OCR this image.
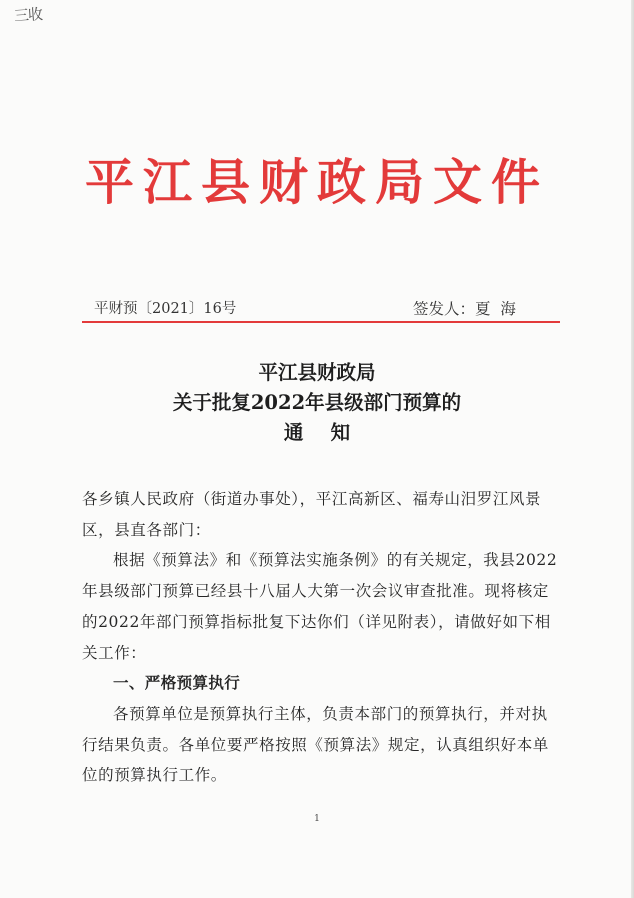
三收
平江县财政局文件
平财预〔2021〕16号	签发人：夏  海
平江县财政局
关于批复2022年县级部门预算的
通    知

各乡镇人民政府（街道办事处），平江高新区、福寿山汨罗江风景区，县直各部门：

根据《预算法》和《预算法实施条例》的有关规定，我县2022年县级部门预算已经县十八届人大第一次会议审查批准。现将核定的2022年部门预算指标批复下达你们（详见附表），请做好如下相关工作：

一、严格预算执行

各预算单位是预算执行主体，负责本部门的预算执行，并对执行结果负责。各单位要严格按照《预算法》规定，认真组织好本单位的预算执行工作。

1
